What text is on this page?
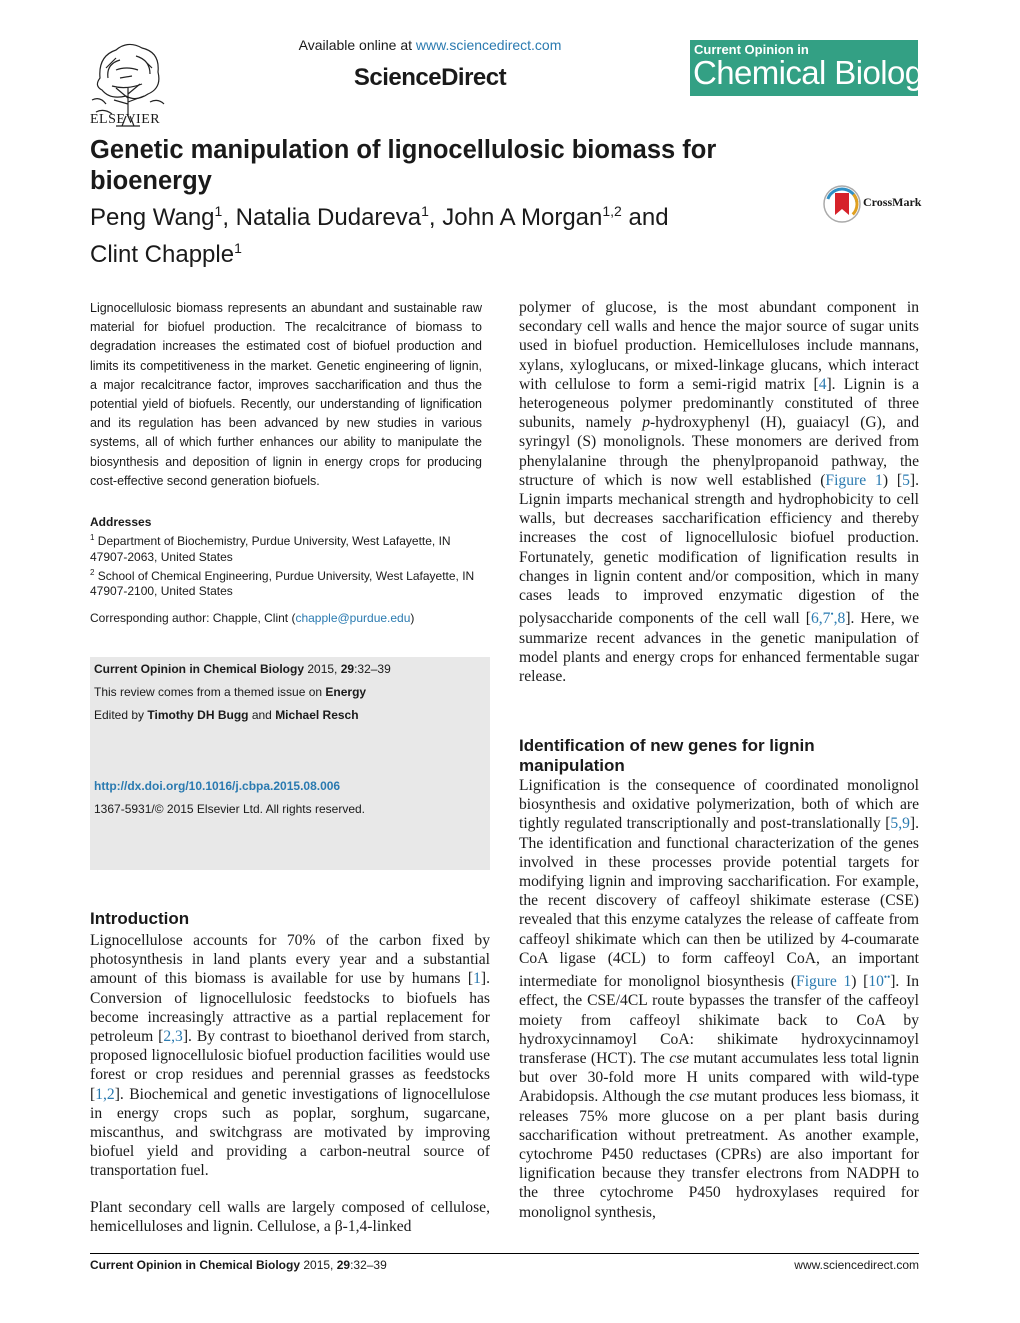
ELSEVIER
Available online at www.sciencedirect.com
ScienceDirect
Current Opinion in
Chemical Biology
Genetic manipulation of lignocellulosic biomass for bioenergy
Peng Wang$^1$, Natalia Dudareva$^1$, John A Morgan$^{1,2}$ and
Clint Chapple$^1$
CrossMark

Lignocellulosic biomass represents an abundant and sustainable raw material for biofuel production. The recalcitrance of biomass to degradation increases the estimated cost of biofuel production and limits its competitiveness in the market. Genetic engineering of lignin, a major recalcitrance factor, improves saccharification and thus the potential yield of biofuels. Recently, our understanding of lignification and its regulation has been advanced by new studies in various systems, all of which further enhances our ability to manipulate the biosynthesis and deposition of lignin in energy crops for producing cost-effective second generation biofuels.

Addresses
$^1$ Department of Biochemistry, Purdue University, West Lafayette, IN 47907-2063, United States
$^2$ School of Chemical Engineering, Purdue University, West Lafayette, IN 47907-2100, United States
Corresponding author: Chapple, Clint (chapple@purdue.edu)
Current Opinion in Chemical Biology 2015, 29:32–39
This review comes from a themed issue on Energy
Edited by Timothy DH Bugg and Michael Resch
http://dx.doi.org/10.1016/j.cbpa.2015.08.006
1367-5931/© 2015 Elsevier Ltd. All rights reserved.
Introduction

Lignocellulose accounts for 70% of the carbon fixed by photosynthesis in land plants every year and a substantial amount of this biomass is available for use by humans [1]. Conversion of lignocellulosic feedstocks to biofuels has become increasingly attractive as a partial replacement for petroleum [2,3]. By contrast to bioethanol derived from starch, proposed lignocellulosic biofuel production facilities would use forest or crop residues and perennial grasses as feedstocks [1,2]. Biochemical and genetic investigations of lignocellulose in energy crops such as poplar, sorghum, sugarcane, miscanthus, and switchgrass are motivated by improving biofuel yield and providing a carbon-neutral source of transportation fuel.

Plant secondary cell walls are largely composed of cellulose, hemicelluloses and lignin. Cellulose, a β-1,4-linked

polymer of glucose, is the most abundant component in secondary cell walls and hence the major source of sugar units used in biofuel production. Hemicelluloses include mannans, xylans, xyloglucans, or mixed-linkage glucans, which interact with cellulose to form a semi-rigid matrix [4]. Lignin is a heterogeneous polymer predominantly constituted of three subunits, namely p-hydroxyphenyl (H), guaiacyl (G), and syringyl (S) monolignols. These monomers are derived from phenylalanine through the phenylpropanoid pathway, the structure of which is now well established (Figure 1) [5]. Lignin imparts mechanical strength and hydrophobicity to cell walls, but decreases saccharification efficiency and thereby increases the cost of lignocellulosic biofuel production. Fortunately, genetic modification of lignification results in changes in lignin content and/or composition, which in many cases leads to improved enzymatic digestion of the polysaccharide components of the cell wall [6,7•,8]. Here, we summarize recent advances in the genetic manipulation of model plants and energy crops for enhanced fermentable sugar release.

Identification of new genes for lignin manipulation

Lignification is the consequence of coordinated monolignol biosynthesis and oxidative polymerization, both of which are tightly regulated transcriptionally and post-translationally [5,9]. The identification and functional characterization of the genes involved in these processes provide potential targets for modifying lignin and improving saccharification. For example, the recent discovery of caffeoyl shikimate esterase (CSE) revealed that this enzyme catalyzes the release of caffeate from caffeoyl shikimate which can then be utilized by 4-coumarate CoA ligase (4CL) to form caffeoyl CoA, an important intermediate for monolignol biosynthesis (Figure 1) [10••]. In effect, the CSE/4CL route bypasses the transfer of the caffeoyl moiety from caffeoyl shikimate back to CoA by hydroxycinnamoyl CoA: shikimate hydroxycinnamoyl transferase (HCT). The cse mutant accumulates less total lignin but over 30-fold more H units compared with wild-type Arabidopsis. Although the cse mutant produces less biomass, it releases 75% more glucose on a per plant basis during saccharification without pretreatment. As another example, cytochrome P450 reductases (CPRs) are also important for lignification because they transfer electrons from NADPH to the three cytochrome P450 hydroxylases required for monolignol synthesis,

Current Opinion in Chemical Biology 2015, 29:32–39	www.sciencedirect.com
